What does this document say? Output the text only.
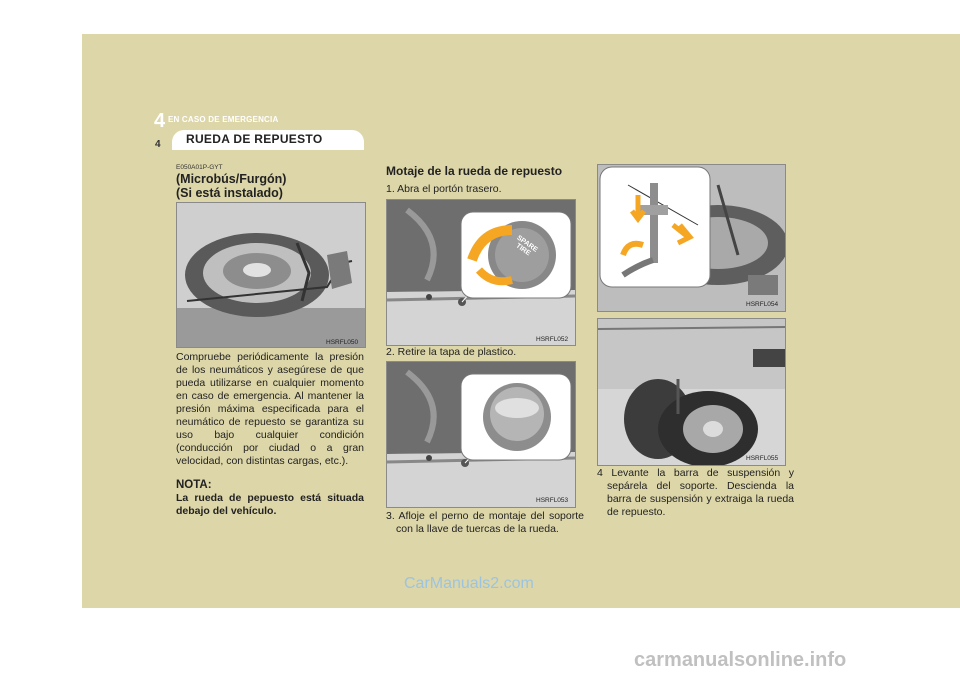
4 EN CASO DE EMERGENCIA
4 RUEDA DE REPUESTO
E050A01P-GYT
(Microbús/Furgón)
(Si está instalado)
HSRFL050
Compruebe periódicamente la presión de los neumáticos y asegúrese de que pueda utilizarse en cualquier momento en caso de emergencia. Al mantener la presión máxima especificada para el neumático de repuesto se garantiza su uso bajo cualquier condición (conducción por ciudad o a gran velocidad, con distintas cargas, etc.).
NOTA:
La rueda de pepuesto está situada debajo del vehículo.
Motaje de la rueda de repuesto
1. Abra el portón trasero.
SPARE TIRE
HSRFL052
2. Retire la tapa de plastico.
HSRFL053
3. Afloje el perno de montaje del soporte con la llave de tuercas de la rueda.
HSRFL054
HSRFL055
4 Levante la barra de suspensión y sepárela del soporte. Descienda la barra de suspensión y extraiga la rueda de repuesto.
CarManuals2.com
carmanualsonline.info
